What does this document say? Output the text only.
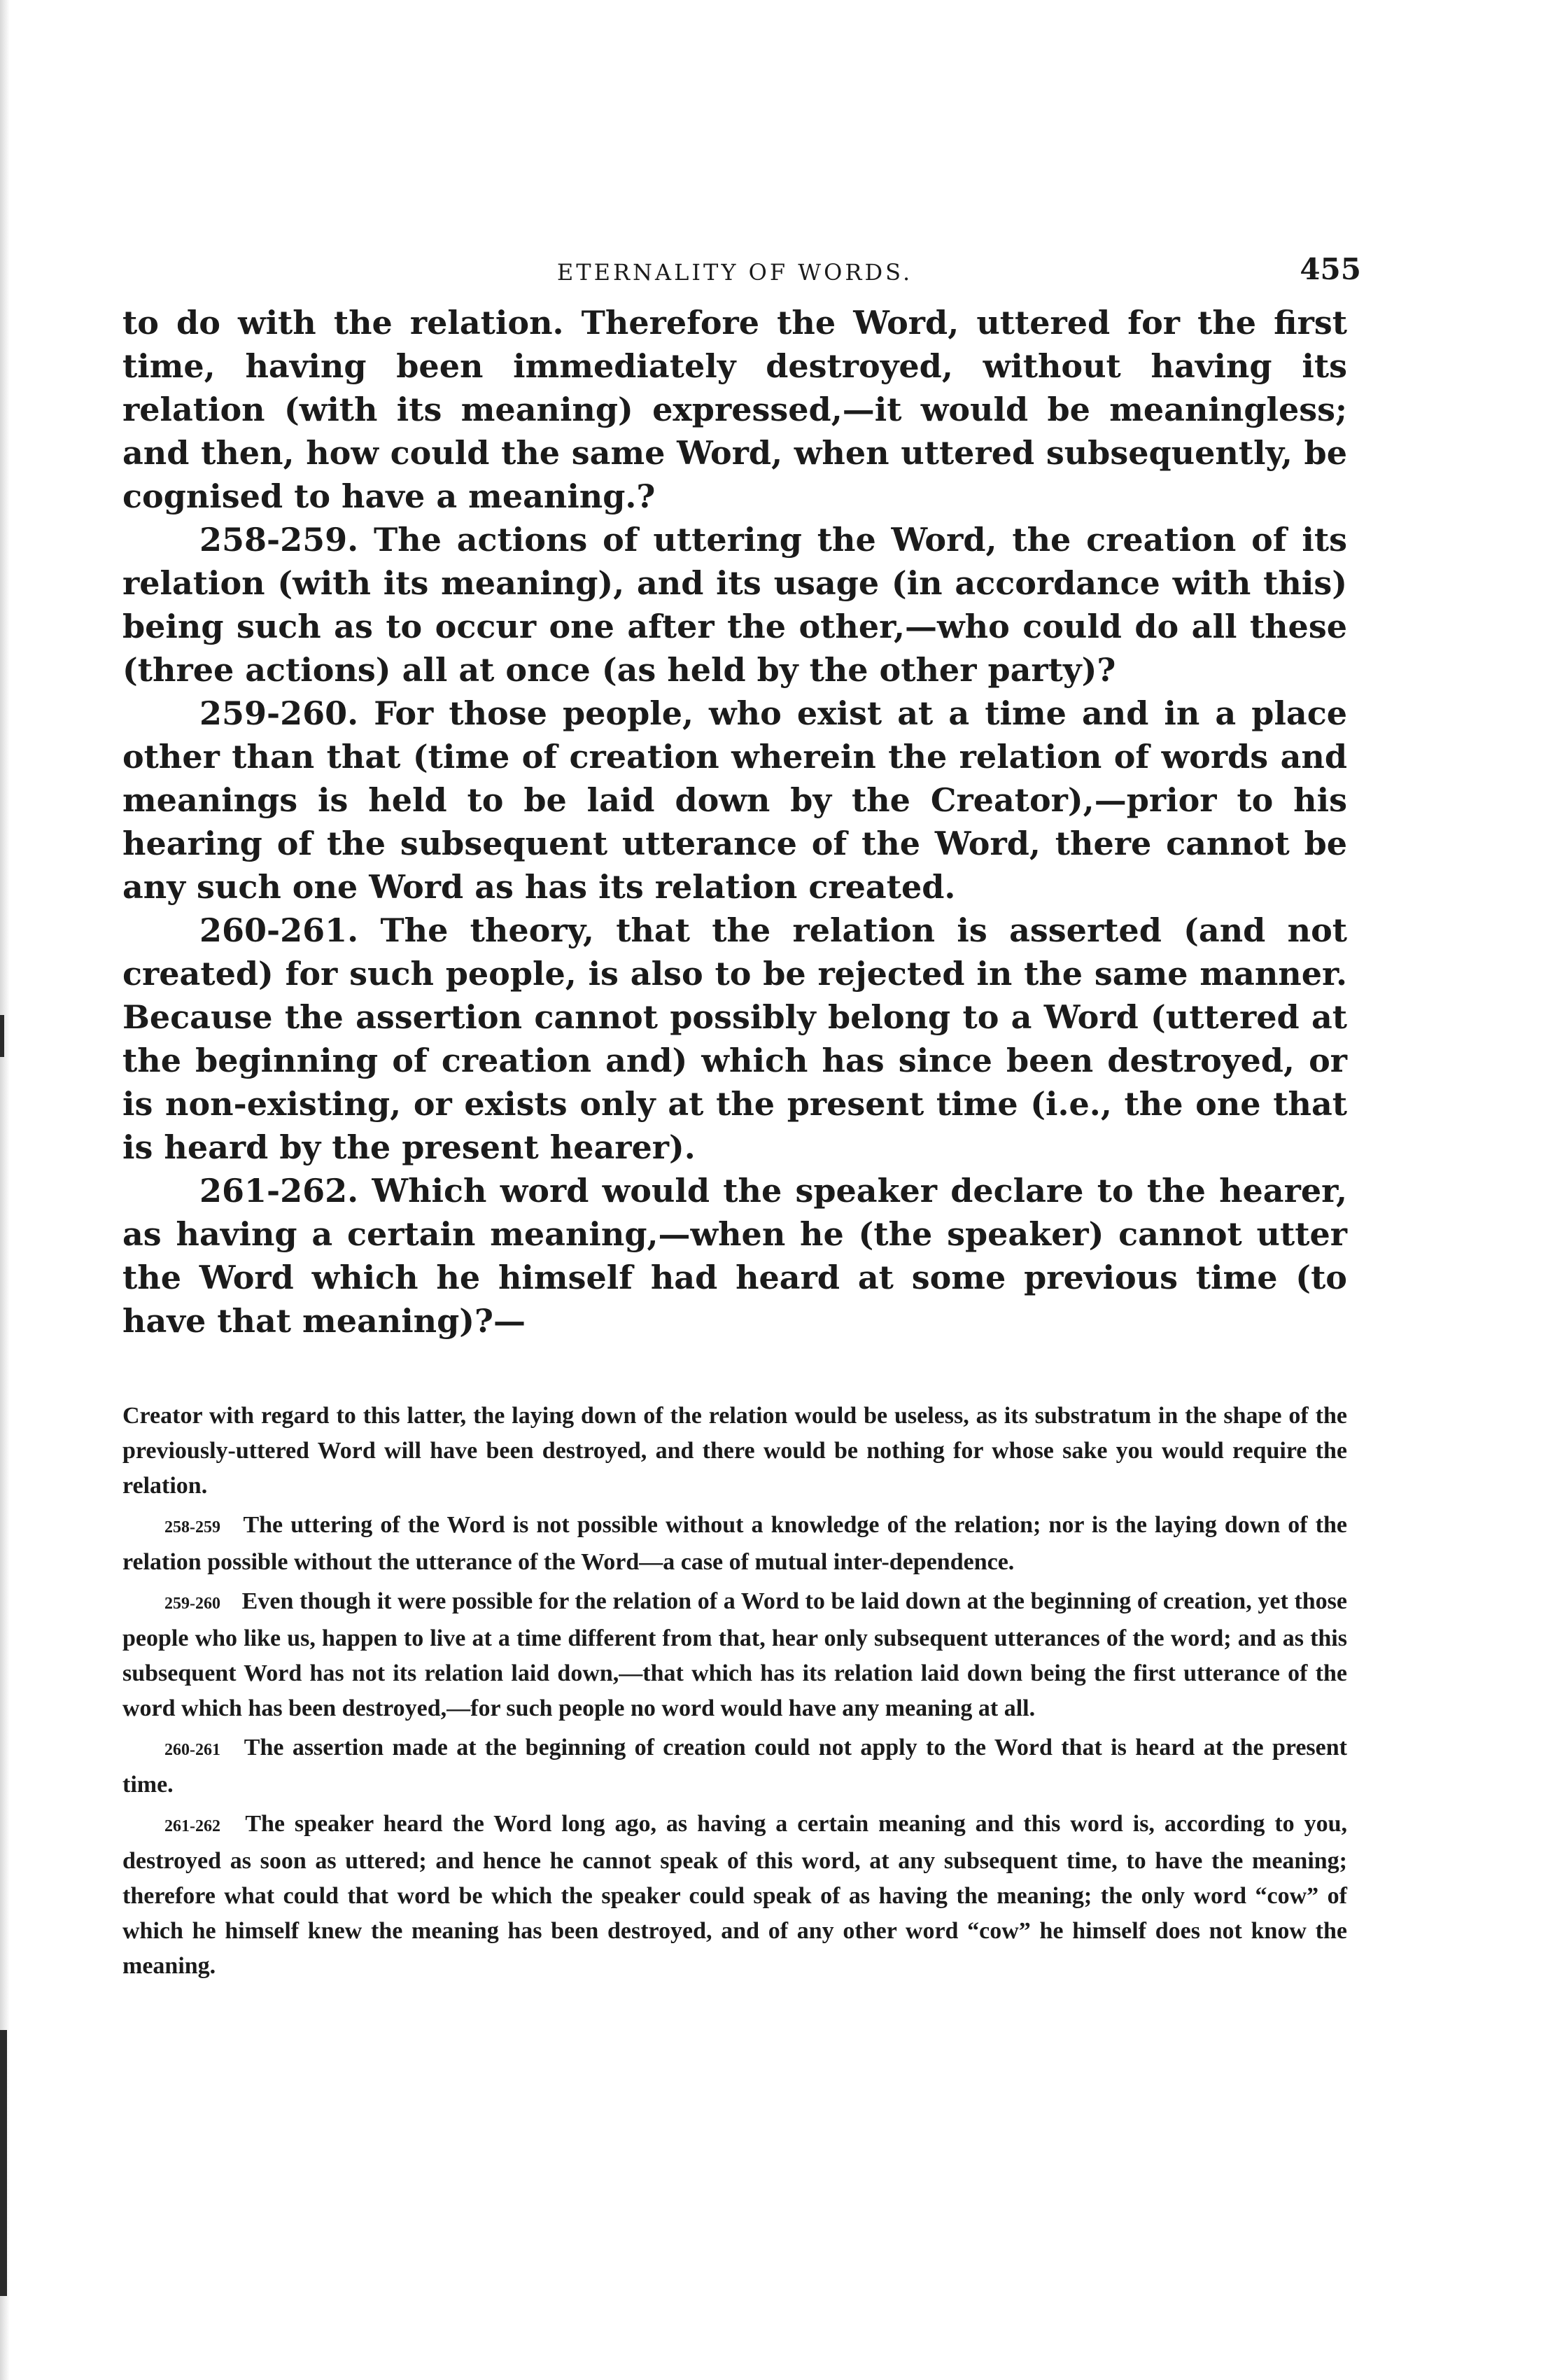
ETERNALITY OF WORDS.	455

to do with the relation. Therefore the Word, uttered for the first time, having been immediately destroyed, without having its relation (with its meaning) expressed,—it would be meaningless; and then, how could the same Word, when uttered subsequently, be cognised to have a meaning.?

258-259. The actions of uttering the Word, the creation of its relation (with its meaning), and its usage (in accordance with this) being such as to occur one after the other,—who could do all these (three actions) all at once (as held by the other party)?

259-260. For those people, who exist at a time and in a place other than that (time of creation wherein the relation of words and meanings is held to be laid down by the Creator),—prior to his hearing of the subsequent utterance of the Word, there cannot be any such one Word as has its relation created.

260-261. The theory, that the relation is asserted (and not created) for such people, is also to be rejected in the same manner. Because the assertion cannot possibly belong to a Word (uttered at the beginning of creation and) which has since been destroyed, or is non-existing, or exists only at the present time (i.e., the one that is heard by the present hearer).

261-262. Which word would the speaker declare to the hearer, as having a certain meaning,—when he (the speaker) cannot utter the Word which he himself had heard at some previous time (to have that meaning)?—

Creator with regard to this latter, the laying down of the relation would be useless, as its substratum in the shape of the previously-uttered Word will have been destroyed, and there would be nothing for whose sake you would require the relation.

258-259 The uttering of the Word is not possible without a knowledge of the relation; nor is the laying down of the relation possible without the utterance of the Word—a case of mutual inter-dependence.

259-260 Even though it were possible for the relation of a Word to be laid down at the beginning of creation, yet those people who like us, happen to live at a time different from that, hear only subsequent utterances of the word; and as this subsequent Word has not its relation laid down,—that which has its relation laid down being the first utterance of the word which has been destroyed,—for such people no word would have any meaning at all.

260-261 The assertion made at the beginning of creation could not apply to the Word that is heard at the present time.

261-262 The speaker heard the Word long ago, as having a certain meaning and this word is, according to you, destroyed as soon as uttered; and hence he cannot speak of this word, at any subsequent time, to have the meaning; therefore what could that word be which the speaker could speak of as having the meaning; the only word “cow” of which he himself knew the meaning has been destroyed, and of any other word “cow” he himself does not know the meaning.
